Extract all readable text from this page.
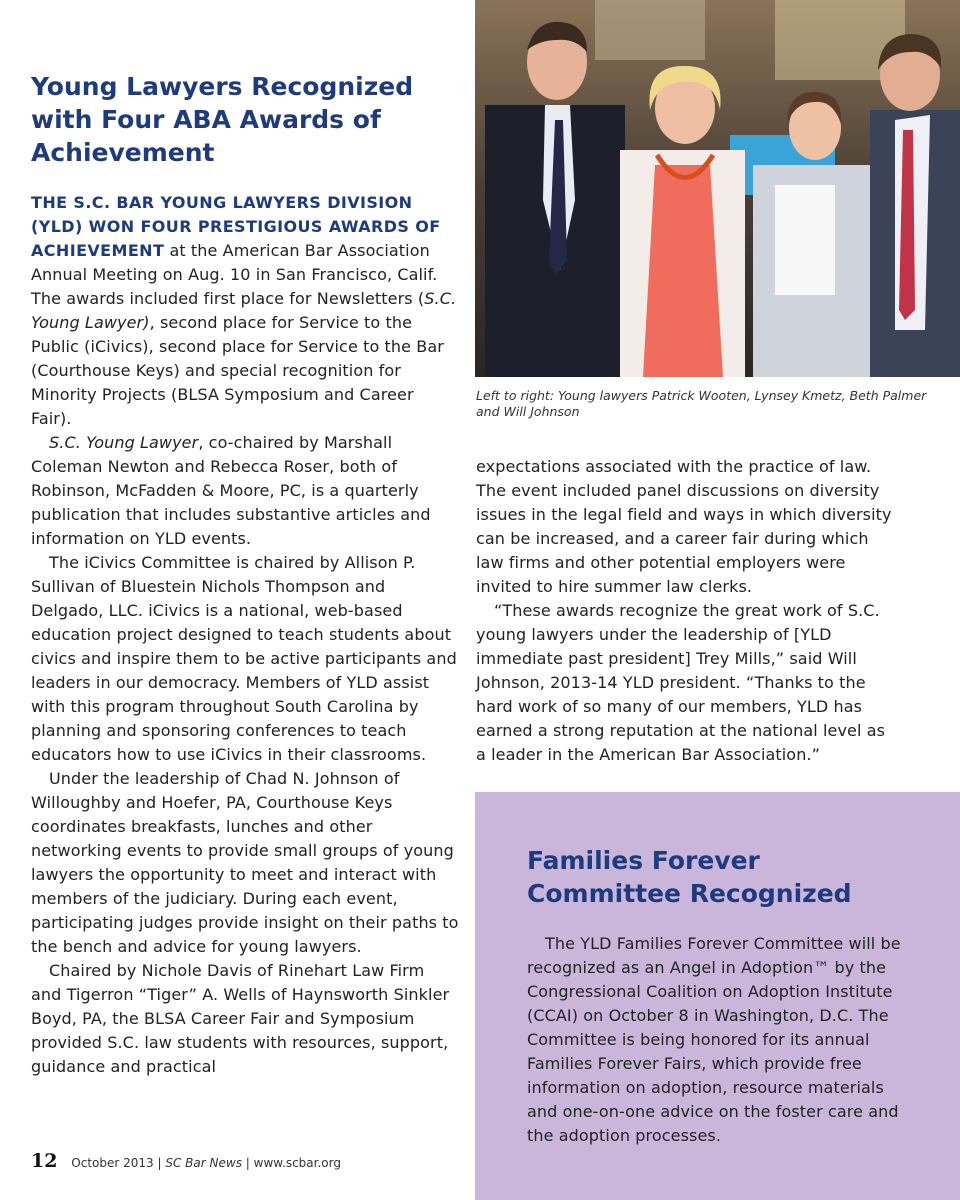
Young Lawyers Recognized with Four ABA Awards of Achievement

THE S.C. BAR YOUNG LAWYERS DIVISION (YLD) WON FOUR PRESTIGIOUS AWARDS OF ACHIEVEMENT at the American Bar Association Annual Meeting on Aug. 10 in San Francisco, Calif. The awards included first place for Newsletters (S.C. Young Lawyer), second place for Service to the Public (iCivics), second place for Service to the Bar (Courthouse Keys) and special recognition for Minority Projects (BLSA Symposium and Career Fair).

S.C. Young Lawyer, co-chaired by Marshall Coleman Newton and Rebecca Roser, both of Robinson, McFadden & Moore, PC, is a quarterly publication that includes substantive articles and information on YLD events.

The iCivics Committee is chaired by Allison P. Sullivan of Bluestein Nichols Thompson and Delgado, LLC. iCivics is a national, web-based education project designed to teach students about civics and inspire them to be active participants and leaders in our democracy. Members of YLD assist with this program throughout South Carolina by planning and sponsoring conferences to teach educators how to use iCivics in their classrooms.

Under the leadership of Chad N. Johnson of Willoughby and Hoefer, PA, Courthouse Keys coordinates breakfasts, lunches and other networking events to provide small groups of young lawyers the opportunity to meet and interact with members of the judiciary. During each event, participating judges provide insight on their paths to the bench and advice for young lawyers.

Chaired by Nichole Davis of Rinehart Law Firm and Tigerron “Tiger” A. Wells of Haynsworth Sinkler Boyd, PA, the BLSA Career Fair and Symposium provided S.C. law students with resources, support, guidance and practical

Left to right: Young lawyers Patrick Wooten, Lynsey Kmetz, Beth Palmer and Will Johnson

expectations associated with the practice of law. The event included panel discussions on diversity issues in the legal field and ways in which diversity can be increased, and a career fair during which law firms and other potential employers were invited to hire summer law clerks.

“These awards recognize the great work of S.C. young lawyers under the leadership of [YLD immediate past president] Trey Mills,” said Will Johnson, 2013-14 YLD president. “Thanks to the hard work of so many of our members, YLD has earned a strong reputation at the national level as a leader in the American Bar Association.”

Families Forever Committee Recognized

The YLD Families Forever Committee will be recognized as an Angel in Adoption™ by the Congressional Coalition on Adoption Institute (CCAI) on October 8 in Washington, D.C. The Committee is being honored for its annual Families Forever Fairs, which provide free information on adoption, resource materials and one-on-one advice on the foster care and the adoption processes.

12 October 2013 | SC Bar News | www.scbar.org
